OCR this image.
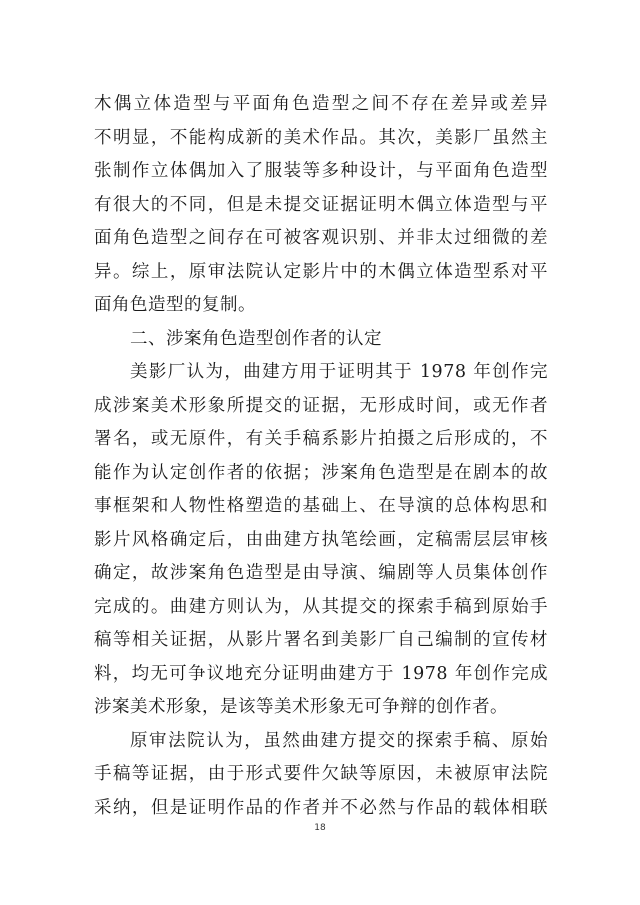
木偶立体造型与平面角色造型之间不存在差异或差异
不明显，不能构成新的美术作品。其次，美影厂虽然主
张制作立体偶加入了服装等多种设计，与平面角色造型
有很大的不同，但是未提交证据证明木偶立体造型与平
面角色造型之间存在可被客观识别、并非太过细微的差
异。综上，原审法院认定影片中的木偶立体造型系对平
面角色造型的复制。
二、涉案角色造型创作者的认定
美影厂认为，曲建方用于证明其于 1978 年创作完
成涉案美术形象所提交的证据，无形成时间，或无作者
署名，或无原件，有关手稿系影片拍摄之后形成的，不
能作为认定创作者的依据；涉案角色造型是在剧本的故
事框架和人物性格塑造的基础上、在导演的总体构思和
影片风格确定后，由曲建方执笔绘画，定稿需层层审核
确定，故涉案角色造型是由导演、编剧等人员集体创作
完成的。曲建方则认为，从其提交的探索手稿到原始手
稿等相关证据，从影片署名到美影厂自己编制的宣传材
料，均无可争议地充分证明曲建方于 1978 年创作完成
涉案美术形象，是该等美术形象无可争辩的创作者。
原审法院认为，虽然曲建方提交的探索手稿、原始
手稿等证据，由于形式要件欠缺等原因，未被原审法院
采纳，但是证明作品的作者并不必然与作品的载体相联
18
